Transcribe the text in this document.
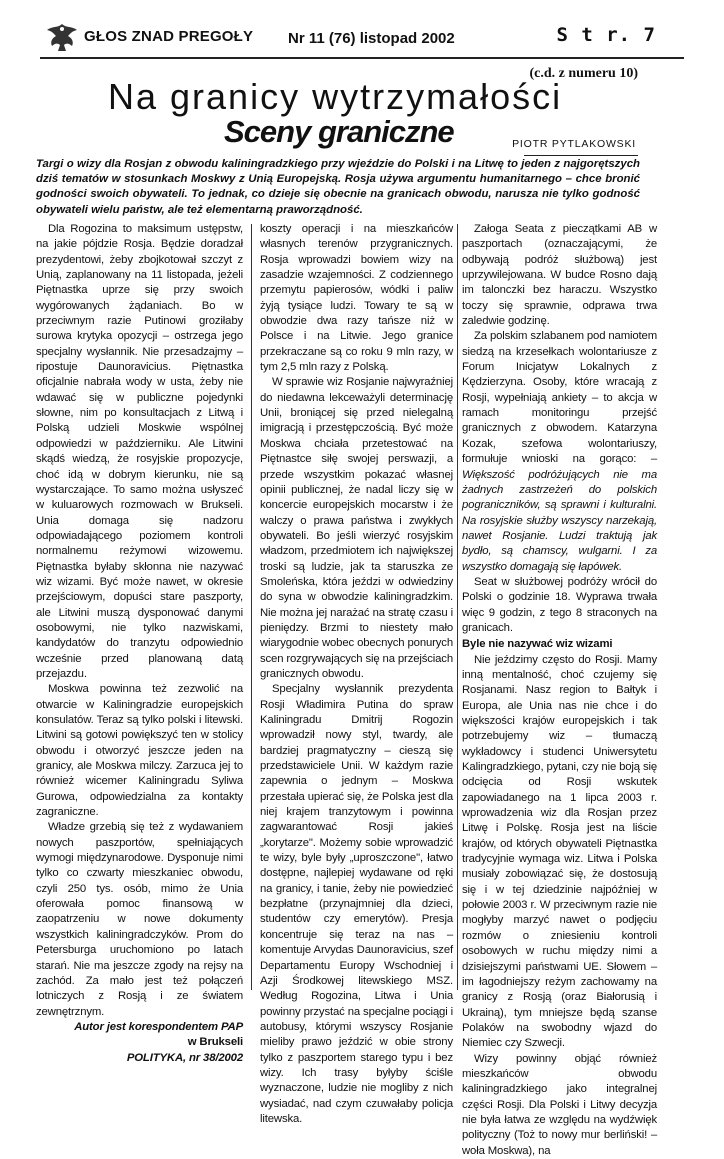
GŁOS ZNAD PREGOŁY Nr 11 (76) listopad 2002	S t r. 7
(c.d. z numeru 10)
Na granicy wytrzymałości
Sceny graniczne	PIOTR PYTLAKOWSKI
Targi o wizy dla Rosjan z obwodu kaliningradzkiego przy wjeździe do Polski i na Litwę to jeden z najgorętszych dziś tematów w stosunkach Moskwy z Unią Europejską. Rosja używa argumentu humanitarnego – chce bronić godności swoich obywateli. To jednak, co dzieje się obecnie na granicach obwodu, narusza nie tylko godność obywateli wielu państw, ale też elementarną praworządność.

Dla Rogozina to maksimum ustępstw, na jakie pójdzie Rosja. Będzie doradzał prezydentowi, żeby zbojkotował szczyt z Unią, zaplanowany na 11 listopada, jeżeli Piętnastka uprze się przy swoich wygórowanych żądaniach. Bo w przeciwnym razie Putinowi groziłaby surowa krytyka opozycji – ostrzega jego specjalny wysłannik. Nie przesadzajmy – ripostuje Daunoravicius. Piętnastka oficjalnie nabrała wody w usta, żeby nie wdawać się w publiczne pojedynki słowne, nim po konsultacjach z Litwą i Polską udzieli Moskwie wspólnej odpowiedzi w październiku. Ale Litwini skądś wiedzą, że rosyjskie propozycje, choć idą w dobrym kierunku, nie są wystarczające. To samo można usłyszeć w kuluarowych rozmowach w Brukseli. Unia domaga się nadzoru odpowiadającego poziomem kontroli normalnemu reżymowi wizowemu. Piętnastka byłaby skłonna nie nazywać wiz wizami. Być może nawet, w okresie przejściowym, dopuści stare paszporty, ale Litwini muszą dysponować danymi osobowymi, nie tylko nazwiskami, kandydatów do tranzytu odpowiednio wcześnie przed planowaną datą przejazdu.

Moskwa powinna też zezwolić na otwarcie w Kaliningradzie europejskich konsulatów. Teraz są tylko polski i litewski. Litwini są gotowi powiększyć ten w stolicy obwodu i otworzyć jeszcze jeden na granicy, ale Moskwa milczy. Zarzuca jej to również wicemer Kaliningradu Syliwa Gurowa, odpowiedzialna za kontakty zagraniczne.

Władze grzebią się też z wydawaniem nowych paszportów, spełniających wymogi międzynarodowe. Dysponuje nimi tylko co czwarty mieszkaniec obwodu, czyli 250 tys. osób, mimo że Unia oferowała pomoc finansową w zaopatrzeniu w nowe dokumenty wszystkich kaliningradczyków. Prom do Petersburga uruchomiono po latach starań. Nie ma jeszcze zgody na rejsy na zachód. Za mało jest też połączeń lotniczych z Rosją i ze światem zewnętrznym.

Autor jest korespondentem PAP

w Brukseli

POLITYKA, nr 38/2002

koszty operacji i na mieszkańców własnych terenów przygranicznych. Rosja wprowadzi bowiem wizy na zasadzie wzajemności. Z codziennego przemytu papierosów, wódki i paliw żyją tysiące ludzi. Towary te są w obwodzie dwa razy tańsze niż w Polsce i na Litwie. Jego granice przekraczane są co roku 9 mln razy, w tym 2,5 mln razy z Polską.

W sprawie wiz Rosjanie najwyraźniej do niedawna lekceważyli determinację Unii, broniącej się przed nielegalną imigracją i przestępczością. Być może Moskwa chciała przetestować na Piętnastce siłę swojej perswazji, a przede wszystkim pokazać własnej opinii publicznej, że nadal liczy się w koncercie europejskich mocarstw i że walczy o prawa państwa i zwykłych obywateli. Bo jeśli wierzyć rosyjskim władzom, przedmiotem ich największej troski są ludzie, jak ta staruszka ze Smoleńska, która jeździ w odwiedziny do syna w obwodzie kaliningradzkim. Nie można jej narażać na stratę czasu i pieniędzy. Brzmi to niestety mało wiarygodnie wobec obecnych ponurych scen rozgrywających się na przejściach granicznych obwodu.

Specjalny wysłannik prezydenta Rosji Władimira Putina do spraw Kaliningradu Dmitrij Rogozin wprowadził nowy styl, twardy, ale bardziej pragmatyczny – cieszą się przedstawiciele Unii. W każdym razie zapewnia o jednym – Moskwa przestała upierać się, że Polska jest dla niej krajem tranzytowym i powinna zagwarantować Rosji jakieś „korytarze". Możemy sobie wprowadzić te wizy, byle były „uproszczone", łatwo dostępne, najlepiej wydawane od ręki na granicy, i tanie, żeby nie powiedzieć bezpłatne (przynajmniej dla dzieci, studentów czy emerytów). Presja koncentruje się teraz na nas – komentuje Arvydas Daunoravicius, szef Departamentu Europy Wschodniej i Azji Środkowej litewskiego MSZ. Według Rogozina, Litwa i Unia powinny przystać na specjalne pociągi i autobusy, którymi wszyscy Rosjanie mieliby prawo jeździć w obie strony tylko z paszportem starego typu i bez wizy. Ich trasy byłyby ściśle wyznaczone, ludzie nie mogliby z nich wysiadać, nad czym czuwałaby policja litewska.

Załoga Seata z pieczątkami AB w paszportach (oznaczającymi, że odbywają podróż służbową) jest uprzywilejowana. W budce Rosno dają im talonczki bez haraczu. Wszystko toczy się sprawnie, odprawa trwa zaledwie godzinę.

Za polskim szlabanem pod namiotem siedzą na krzesełkach wolontariusze z Forum Inicjatyw Lokalnych z Kędzierzyna. Osoby, które wracają z Rosji, wypełniają ankiety – to akcja w ramach monitoringu przejść granicznych z obwodem. Katarzyna Kozak, szefowa wolontariuszy, formułuje wnioski na gorąco: – Większość podróżujących nie ma żadnych zastrzeżeń do polskich pograniczników, są sprawni i kulturalni. Na rosyjskie służby wszyscy narzekają, nawet Rosjanie. Ludzi traktują jak bydło, są chamscy, wulgarni. I za wszystko domagają się łapówek.

Seat w służbowej podróży wrócił do Polski o godzinie 18. Wyprawa trwała więc 9 godzin, z tego 8 straconych na granicach.

Byle nie nazywać wiz wizami

Nie jeździmy często do Rosji. Mamy inną mentalność, choć czujemy się Rosjanami. Nasz region to Bałtyk i Europa, ale Unia nas nie chce i do większości krajów europejskich i tak potrzebujemy wiz – tłumaczą wykładowcy i studenci Uniwersytetu Kalingradzkiego, pytani, czy nie boją się odcięcia od Rosji wskutek zapowiadanego na 1 lipca 2003 r. wprowadzenia wiz dla Rosjan przez Litwę i Polskę. Rosja jest na liście krajów, od których obywateli Piętnastka tradycyjnie wymaga wiz. Litwa i Polska musiały zobowiązać się, że dostosują się i w tej dziedzinie najpóźniej w połowie 2003 r. W przeciwnym razie nie mogłyby marzyć nawet o podjęciu rozmów o zniesieniu kontroli osobowych w ruchu między nimi a dzisiejszymi państwami UE. Słowem – im łagodniejszy reżym zachowamy na granicy z Rosją (oraz Białorusią i Ukrainą), tym mniejsze będą szanse Polaków na swobodny wjazd do Niemiec czy Szwecji.

Wizy powinny objąć również mieszkańców obwodu kaliningradzkiego jako integralnej części Rosji. Dla Polski i Litwy decyzja nie była łatwa ze względu na wydźwięk polityczny (Toż to nowy mur berliński! – woła Moskwa), na
